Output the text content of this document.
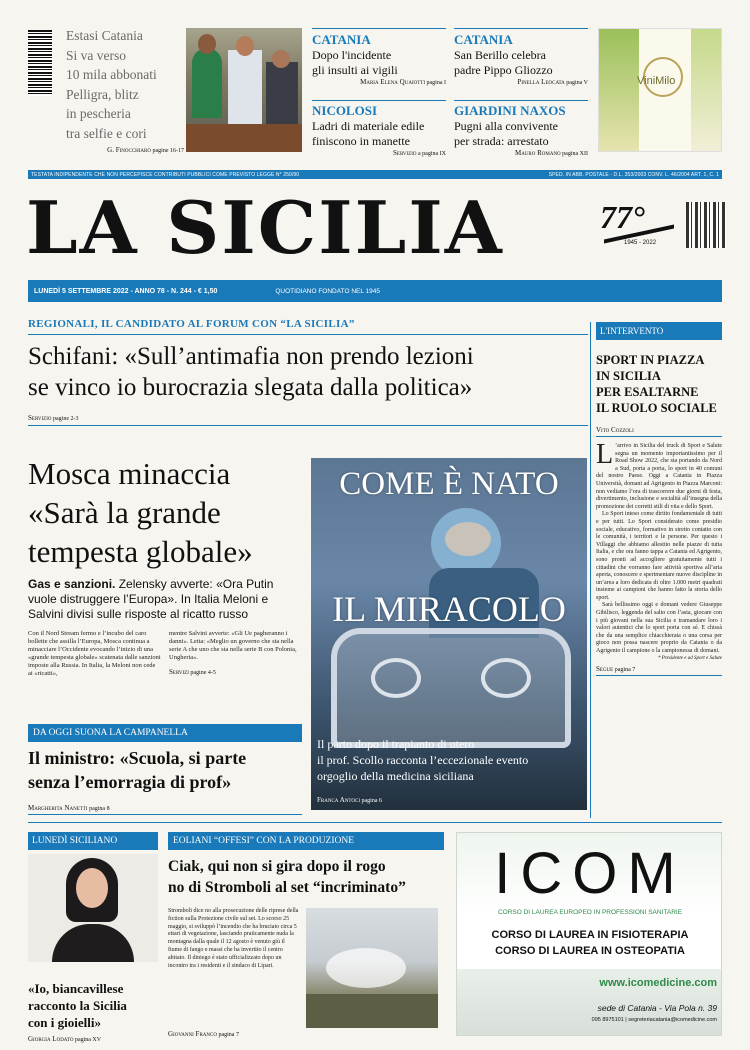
Estasi Catania
Si va verso
10 mila abbonati
Pelligra, blitz
in pescheria
tra selfie e cori
G. Finocchiaro pagine 16-17
CATANIA
Dopo l'incidente
gli insulti ai vigili
Maria Elena Quaiotti pagina I
CATANIA
San Berillo celebra
padre Pippo Gliozzo
Pinella Leocata pagina V
NICOLOSI
Ladri di materiale edile
finiscono in manette
Servizio a pagina IX
GIARDINI NAXOS
Pugni alla convivente
per strada: arrestato
Mauro Romano pagina XII
ViniMilo
TESTATA INDIPENDENTE CHE NON PERCEPISCE CONTRIBUTI PUBBLICI COME PREVISTO LEGGE N° 250/90	SPED. IN ABB. POSTALE - D.L. 353/2003 CONV. L. 46/2004 ART. 1, C. 1
LA SICILIA	77°
1945 - 2022
LUNEDÌ 5 SETTEMBRE 2022 - ANNO 78 - N. 244 - € 1,50	QUOTIDIANO FONDATO NEL 1945
REGIONALI, IL CANDIDATO AL FORUM CON “LA SICILIA”
Schifani: «Sull’antimafia non prendo lezioni
se vinco io burocrazia slegata dalla politica»
Servizio pagine 2-3
Mosca minaccia
«Sarà la grande
tempesta globale»
Gas e sanzioni. Zelensky avverte: «Ora Putin vuole distruggere l’Europa». In Italia Meloni e Salvini divisi sulle risposte al ricatto russo
Con il Nord Stream fermo e l’incubo del caro bollette che assilla l’Europa, Mosca continua a minacciare l’Occidente evocando l’inizio di una «grande tempesta globale» scatenata dalle sanzioni imposte alla Russia. In Italia, la Meloni non cede ai «ricatti»,
mentre Salvini avverte: «Gli Ue pagheranno i danni». Letta: «Meglio un governo che sta nella serie A che uno che sta nella serie B con Polonia, Ungheria».
Servizi pagine 4-5
DA OGGI SUONA LA CAMPANELLA
Il ministro: «Scuola, si parte
senza l’emorragia di prof»
Margherita Nanetti pagina 8
COME È NATO
IL MIRACOLO
Il parto dopo il trapianto di utero
il prof. Scollo racconta l’eccezionale evento
orgoglio della medicina siciliana
Franca Antoci pagina 6
L'INTERVENTO
SPORT IN PIAZZA
IN SICILIA
PER ESALTARNE
IL RUOLO SOCIALE
Vito Cozzoli
L ’arrivo in Sicilia del truck di Sport e Salute segna un momento importantissimo per il Road Show 2022, che sta portando da Nord a Sud, porta a porta, lo sport in 40 comuni del nostro Paese. Oggi a Catania in Piazza Università, domani ad Agrigento in Piazza Marconi: non vediamo l’ora di trascorrere due giorni di festa, divertimento, inclusione e socialità all’insegna della promozione dei corretti stili di vita e dello Sport.
Lo Sport inteso come diritto fondamentale di tutti e per tutti. Lo Sport considerato come presidio sociale, educativo, formativo in stretto contatto con le comunità, i territori e le persone. Per questo i Villaggi che abbiamo allestito nelle piazze di tutta Italia, e che ora fanno tappa a Catania ed Agrigento, sono pronti ad accogliere gratuitamente tutti i cittadini che vorranno fare attività sportiva all’aria aperta, conoscere e sperimentare nuove discipline in un’area a loro dedicata di oltre 1.000 metri quadrati insieme ai campioni che hanno fatto la storia dello sport.
Sarà bellissimo oggi e domani vedere Giuseppe Gibilisco, leggenda del salto con l’asta, giocare con i più giovani nella sua Sicilia e tramandare loro i valori autentici che lo sport porta con sé. E chissà che da una semplice chiacchierata o una corsa per gioco non possa nascere proprio da Catania o da Agrigento il campione o la campionessa di domani.
* Presidente e ad Sport e Salute
Segue pagina 7
LUNEDÌ SICILIANO
«Io, biancavillese
racconto la Sicilia
con i gioielli»
Giorgia Lodato pagina XV
EOLIANI “OFFESI” CON LA PRODUZIONE
Ciak, qui non si gira dopo il rogo
no di Stromboli al set “incriminato”
Stromboli dice no alla prosecuzione delle riprese della fiction sulla Protezione civile sul set. Lo scorso 25 maggio, si sviluppò l’incendio che ha bruciato circa 5 ettari di vegetazione, lasciando praticamente nuda la montagna dalla quale il 12 agosto è venuto giù il fiume di fango e massi che ha invertito il centro abitato. Il diniego è stato ufficializzato dopo un incontro tra i residenti e il sindaco di Lipari.
Giovanni Franco pagina 7
ICOM
CORSO DI LAUREA EUROPEO IN PROFESSIONI SANITARIE
CORSO DI LAUREA IN FISIOTERAPIA
CORSO DI LAUREA IN OSTEOPATIA
www.icomedicine.com
sede di Catania - Via Pola n. 39
095 8975101 | segreteriacatania@icomedicine.com
